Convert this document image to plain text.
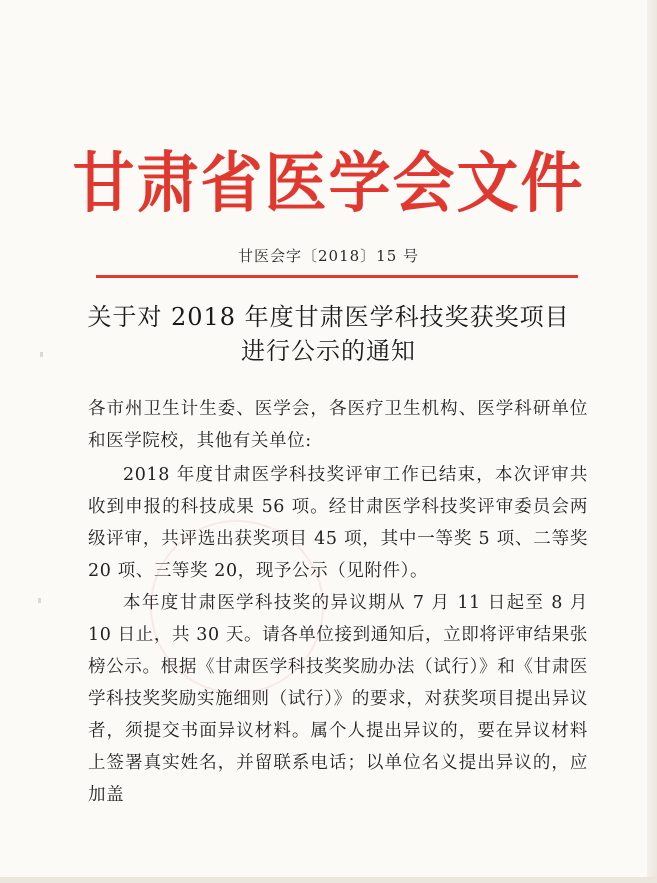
甘肃省医学会文件
甘医会字〔2018〕15 号
关于对 2018 年度甘肃医学科技奖获奖项目
进行公示的通知
各市州卫生计生委、医学会，各医疗卫生机构、医学科研单位和医学院校，其他有关单位:
2018 年度甘肃医学科技奖评审工作已结束，本次评审共收到申报的科技成果 56 项。经甘肃医学科技奖评审委员会两级评审，共评选出获奖项目 45 项，其中一等奖 5 项、二等奖 20 项、三等奖 20，现予公示（见附件）。
本年度甘肃医学科技奖的异议期从 7 月 11 日起至 8 月 10 日止，共 30 天。请各单位接到通知后，立即将评审结果张榜公示。根据《甘肃医学科技奖奖励办法（试行）》和《甘肃医学科技奖奖励实施细则（试行）》的要求，对获奖项目提出异议者，须提交书面异议材料。属个人提出异议的，要在异议材料上签署真实姓名，并留联系电话；以单位名义提出异议的，应加盖
